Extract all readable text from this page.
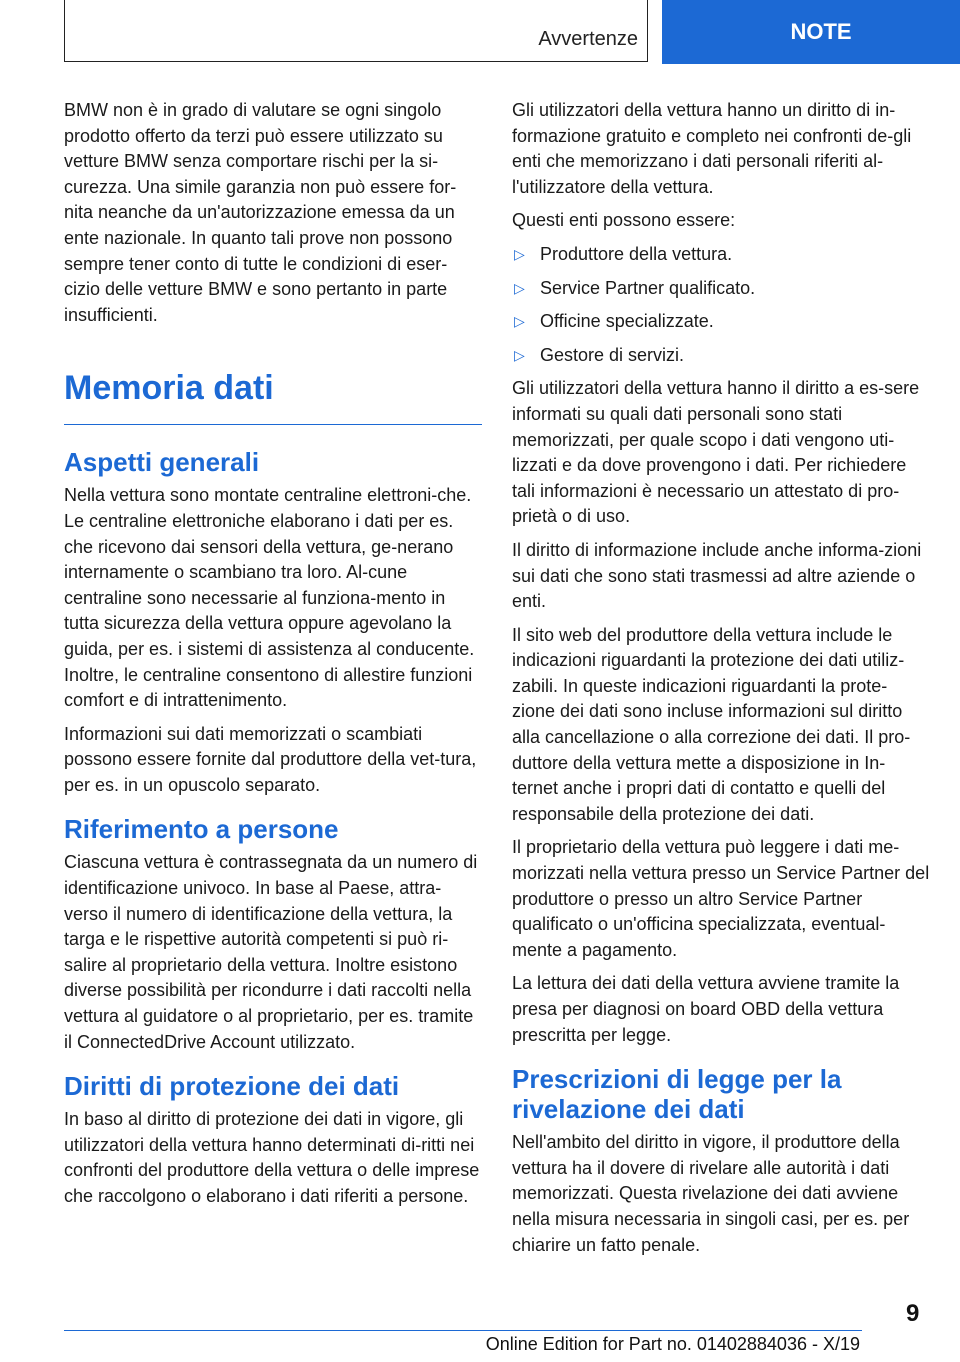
Avvertenze	NOTE

BMW non è in grado di valutare se ogni singolo prodotto offerto da terzi può essere utilizzato su vetture BMW senza comportare rischi per la si-curezza. Una simile garanzia non può essere for-nita neanche da un'autorizzazione emessa da un ente nazionale. In quanto tali prove non possono sempre tener conto di tutte le condizioni di eser-cizio delle vetture BMW e sono pertanto in parte insufficienti.

Memoria dati
Aspetti generali

Nella vettura sono montate centraline elettroni-che. Le centraline elettroniche elaborano i dati per es. che ricevono dai sensori della vettura, ge-nerano internamente o scambiano tra loro. Al-cune centraline sono necessarie al funziona-mento in tutta sicurezza della vettura oppure agevolano la guida, per es. i sistemi di assistenza al conducente. Inoltre, le centraline consentono di allestire funzioni comfort e di intrattenimento.

Informazioni sui dati memorizzati o scambiati possono essere fornite dal produttore della vet-tura, per es. in un opuscolo separato.

Riferimento a persone

Ciascuna vettura è contrassegnata da un numero di identificazione univoco. In base al Paese, attra-verso il numero di identificazione della vettura, la targa e le rispettive autorità competenti si può ri-salire al proprietario della vettura. Inoltre esistono diverse possibilità per ricondurre i dati raccolti nella vettura al guidatore o al proprietario, per es. tramite il ConnectedDrive Account utilizzato.

Diritti di protezione dei dati

In baso al diritto di protezione dei dati in vigore, gli utilizzatori della vettura hanno determinati di-ritti nei confronti del produttore della vettura o delle imprese che raccolgono o elaborano i dati riferiti a persone.

Gli utilizzatori della vettura hanno un diritto di in-formazione gratuito e completo nei confronti de-gli enti che memorizzano i dati personali riferiti al-l'utilizzatore della vettura.

Questi enti possono essere:

▷ Produttore della vettura.
▷ Service Partner qualificato.
▷ Officine specializzate.
▷ Gestore di servizi.

Gli utilizzatori della vettura hanno il diritto a es-sere informati su quali dati personali sono stati memorizzati, per quale scopo i dati vengono uti-lizzati e da dove provengono i dati. Per richiedere tali informazioni è necessario un attestato di pro-prietà o di uso.

Il diritto di informazione include anche informa-zioni sui dati che sono stati trasmessi ad altre aziende o enti.

Il sito web del produttore della vettura include le indicazioni riguardanti la protezione dei dati utiliz-zabili. In queste indicazioni riguardanti la prote-zione dei dati sono incluse informazioni sul diritto alla cancellazione o alla correzione dei dati. Il pro-duttore della vettura mette a disposizione in In-ternet anche i propri dati di contatto e quelli del responsabile della protezione dei dati.

Il proprietario della vettura può leggere i dati me-morizzati nella vettura presso un Service Partner del produttore o presso un altro Service Partner qualificato o un'officina specializzata, eventual-mente a pagamento.

La lettura dei dati della vettura avviene tramite la presa per diagnosi on board OBD della vettura prescritta per legge.

Prescrizioni di legge per la rivelazione dei dati

Nell'ambito del diritto in vigore, il produttore della vettura ha il dovere di rivelare alle autorità i dati memorizzati. Questa rivelazione dei dati avviene nella misura necessaria in singoli casi, per es. per chiarire un fatto penale.

9
Online Edition for Part no. 01402884036 - X/19
